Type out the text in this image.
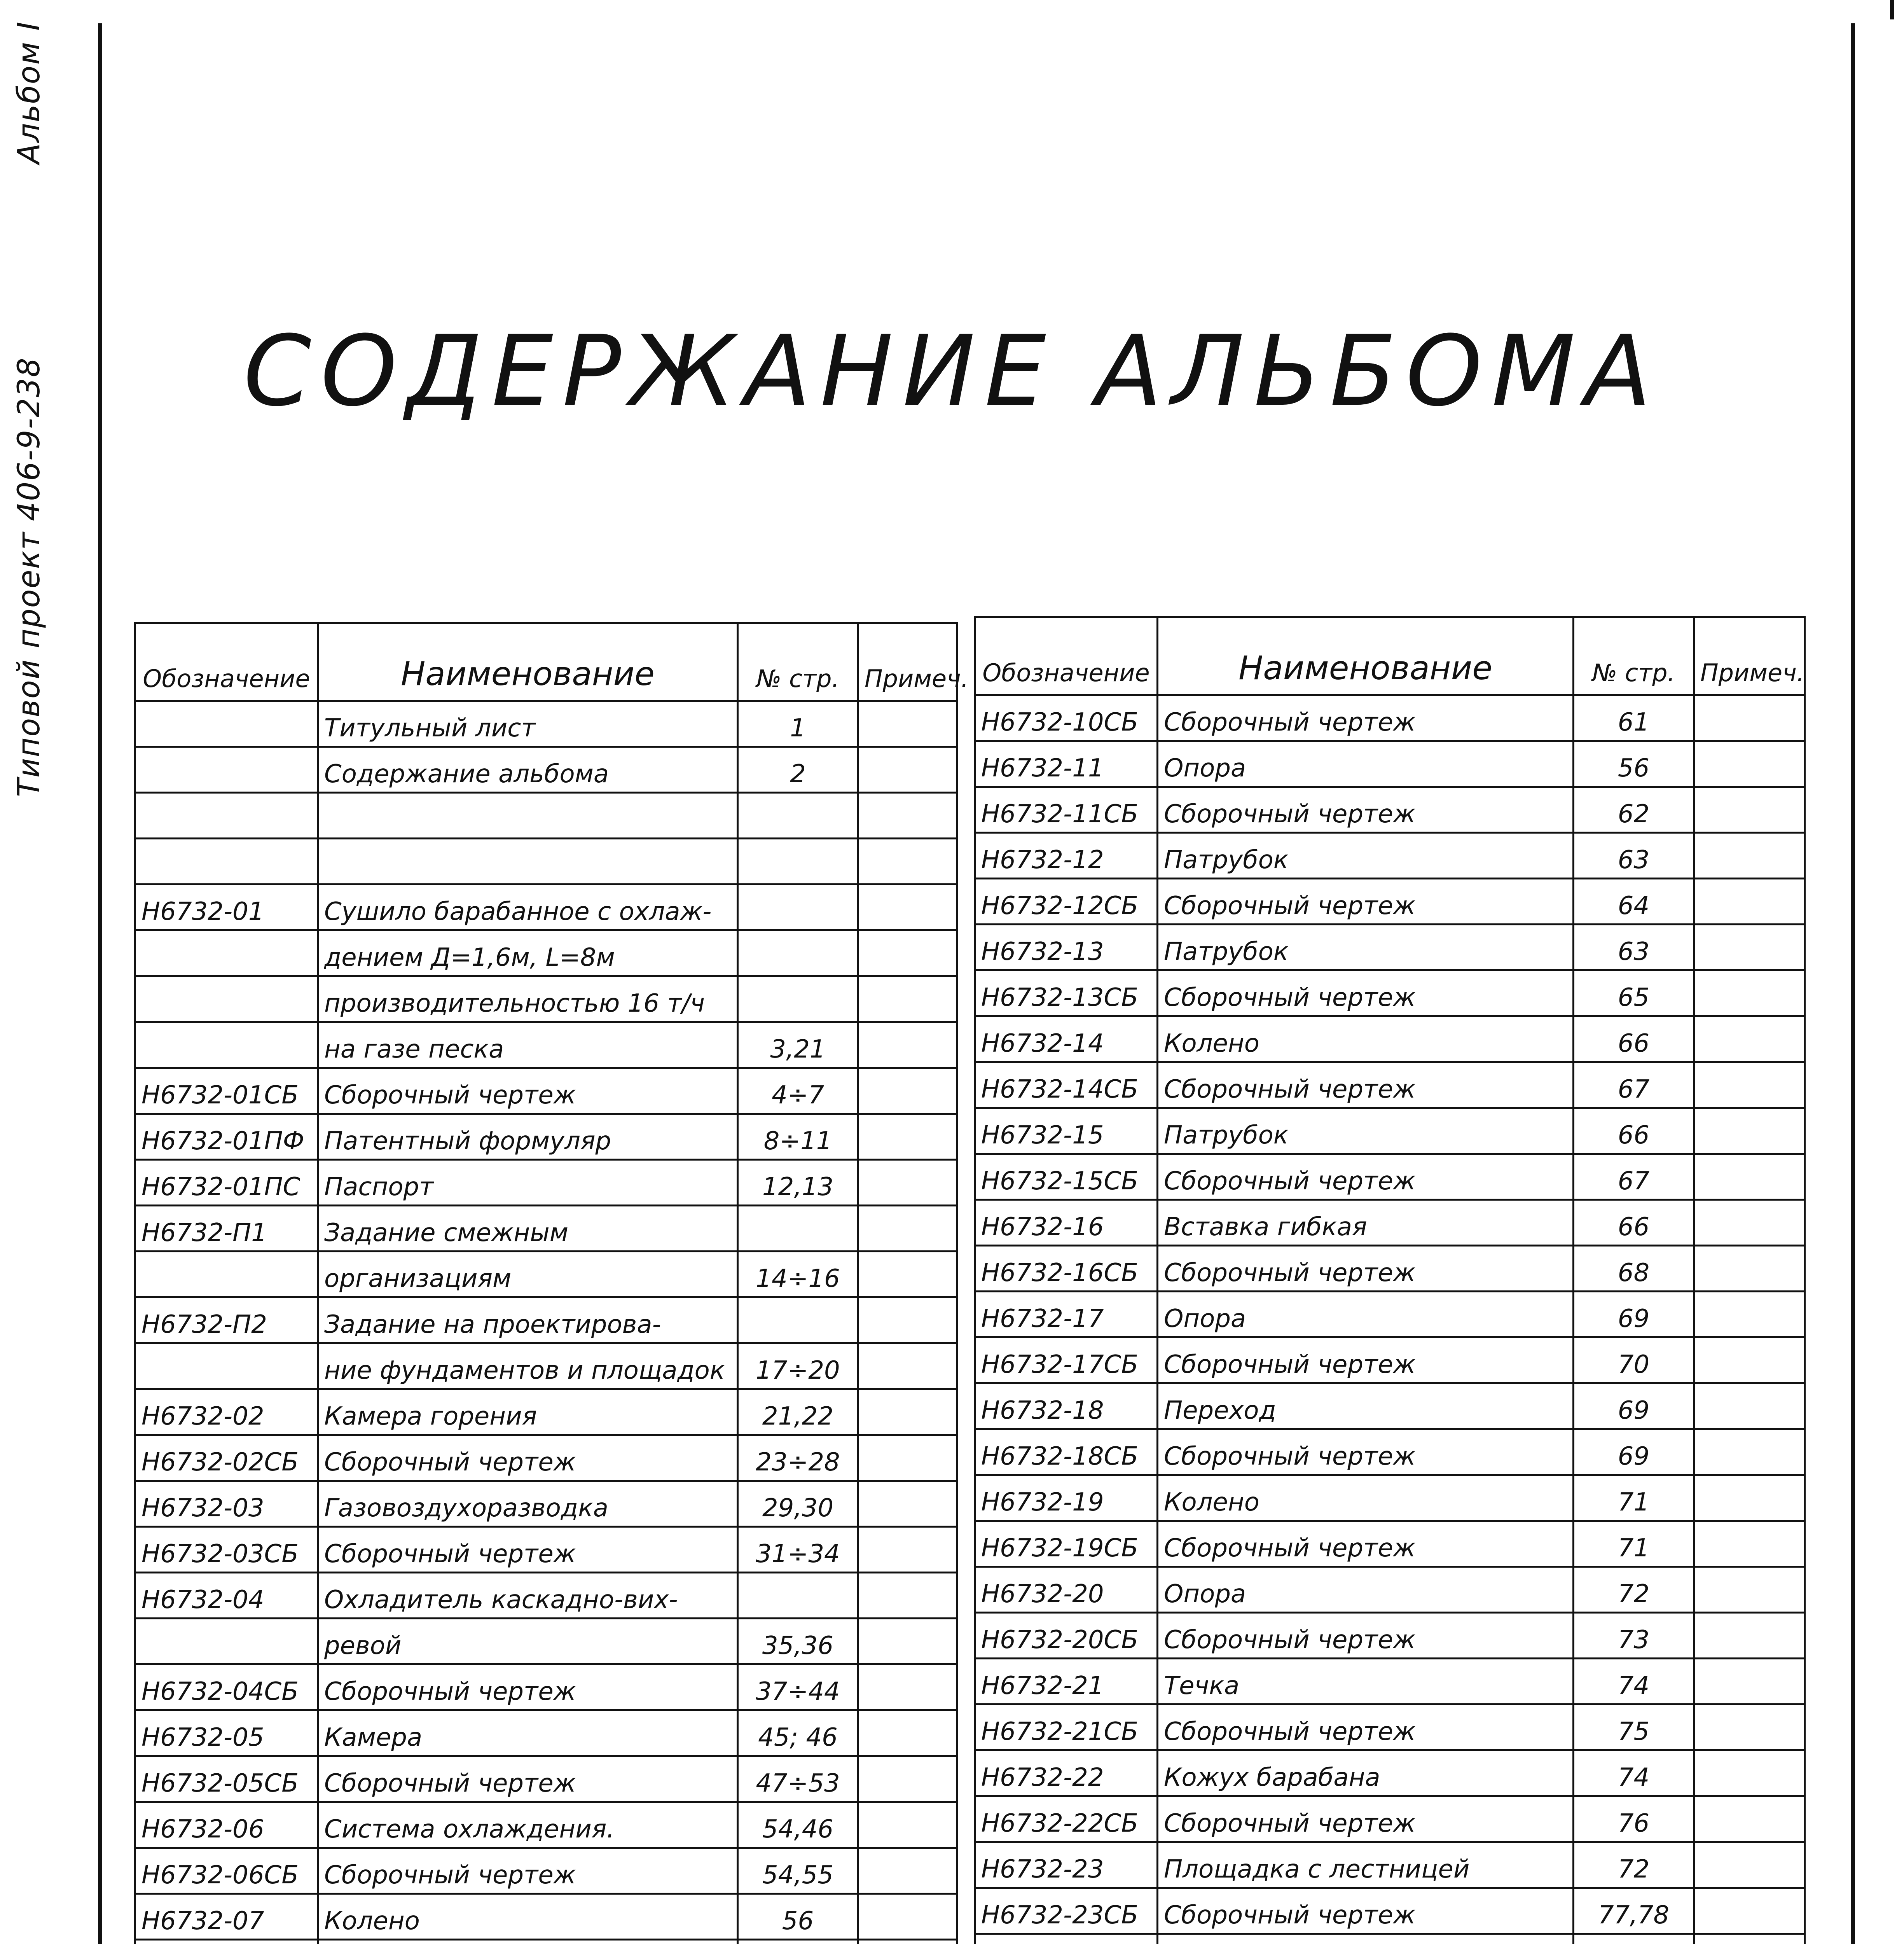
Типовой проект 406-9-238 Альбом I
СОДЕРЖАНИЕ АЛЬБОМА
Обозначение	Наименование	№ стр.	Примеч.
	Титульный лист	1	
	Содержание альбома	2	

Н6732-01	Сушило барабанное с охлаж-		
	дением Д=1,6м, L=8м		
	производительностью 16 т/ч		
	на газе песка	3,21	
Н6732-01СБ	Сборочный чертеж	4÷7	
Н6732-01ПФ	Патентный формуляр	8÷11	
Н6732-01ПС	Паспорт	12,13	
Н6732-П1	Задание смежным		
	организациям	14÷16	
Н6732-П2	Задание на проектирова-		
	ние фундаментов и площадок	17÷20	
Н6732-02	Камера горения	21,22	
Н6732-02СБ	Сборочный чертеж	23÷28	
Н6732-03	Газовоздухоразводка	29,30	
Н6732-03СБ	Сборочный чертеж	31÷34	
Н6732-04	Охладитель каскадно-вих-		
	ревой	35,36	
Н6732-04СБ	Сборочный чертеж	37÷44	
Н6732-05	Камера	45; 46	
Н6732-05СБ	Сборочный чертеж	47÷53	
Н6732-06	Система охлаждения.	54,46	
Н6732-06СБ	Сборочный чертеж	54,55	
Н6732-07	Колено	56	

Обозначение	Наименование	№ стр.	Примеч.
Н6732-10СБ	Сборочный чертеж	61	
Н6732-11	Опора	56	
Н6732-11СБ	Сборочный чертеж	62	
Н6732-12	Патрубок	63	
Н6732-12СБ	Сборочный чертеж	64	
Н6732-13	Патрубок	63	
Н6732-13СБ	Сборочный чертеж	65	
Н6732-14	Колено	66	
Н6732-14СБ	Сборочный чертеж	67	
Н6732-15	Патрубок	66	
Н6732-15СБ	Сборочный чертеж	67	
Н6732-16	Вставка гибкая	66	
Н6732-16СБ	Сборочный чертеж	68	
Н6732-17	Опора	69	
Н6732-17СБ	Сборочный чертеж	70	
Н6732-18	Переход	69	
Н6732-18СБ	Сборочный чертеж	69	
Н6732-19	Колено	71	
Н6732-19СБ	Сборочный чертеж	71	
Н6732-20	Опора	72	
Н6732-20СБ	Сборочный чертеж	73	
Н6732-21	Течка	74	
Н6732-21СБ	Сборочный чертеж	75	
Н6732-22	Кожух барабана	74	
Н6732-22СБ	Сборочный чертеж	76	
Н6732-23	Площадка с лестницей	72	
Н6732-23СБ	Сборочный чертеж	77,78	
